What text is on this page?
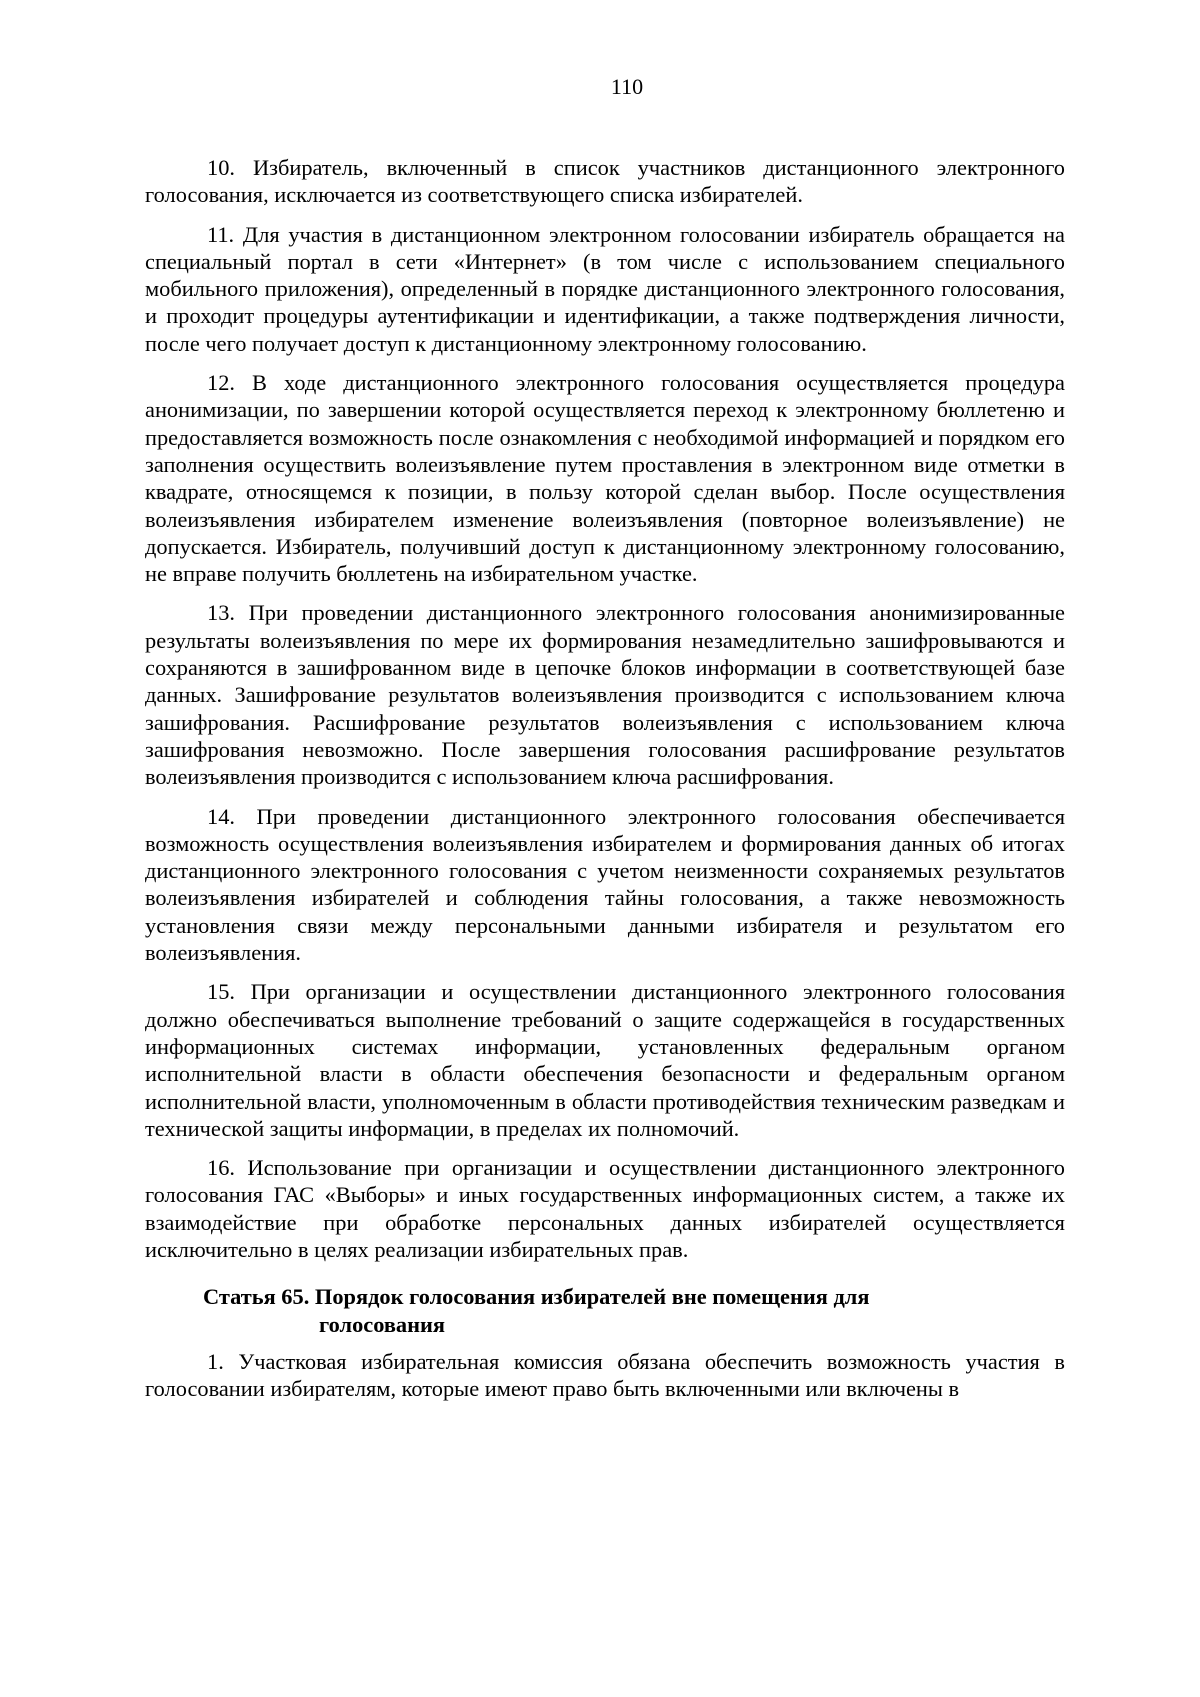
110

10. Избиратель, включенный в список участников дистанционного электронного голосования, исключается из соответствующего списка избирателей.

11. Для участия в дистанционном электронном голосовании избиратель обращается на специальный портал в сети «Интернет» (в том числе с использованием специального мобильного приложения), определенный в порядке дистанционного электронного голосования, и проходит процедуры аутентификации и идентификации, а также подтверждения личности, после чего получает доступ к дистанционному электронному голосованию.

12. В ходе дистанционного электронного голосования осуществляется процедура анонимизации, по завершении которой осуществляется переход к электронному бюллетеню и предоставляется возможность после ознакомления с необходимой информацией и порядком его заполнения осуществить волеизъявление путем проставления в электронном виде отметки в квадрате, относящемся к позиции, в пользу которой сделан выбор. После осуществления волеизъявления избирателем изменение волеизъявления (повторное волеизъявление) не допускается. Избиратель, получивший доступ к дистанционному электронному голосованию, не вправе получить бюллетень на избирательном участке.

13. При проведении дистанционного электронного голосования анонимизированные результаты волеизъявления по мере их формирования незамедлительно зашифровываются и сохраняются в зашифрованном виде в цепочке блоков информации в соответствующей базе данных. Зашифрование результатов волеизъявления производится с использованием ключа зашифрования. Расшифрование результатов волеизъявления с использованием ключа зашифрования невозможно. После завершения голосования расшифрование результатов волеизъявления производится с использованием ключа расшифрования.

14. При проведении дистанционного электронного голосования обеспечивается возможность осуществления волеизъявления избирателем и формирования данных об итогах дистанционного электронного голосования с учетом неизменности сохраняемых результатов волеизъявления избирателей и соблюдения тайны голосования, а также невозможность установления связи между персональными данными избирателя и результатом его волеизъявления.

15. При организации и осуществлении дистанционного электронного голосования должно обеспечиваться выполнение требований о защите содержащейся в государственных информационных системах информации, установленных федеральным органом исполнительной власти в области обеспечения безопасности и федеральным органом исполнительной власти, уполномоченным в области противодействия техническим разведкам и технической защиты информации, в пределах их полномочий.

16. Использование при организации и осуществлении дистанционного электронного голосования ГАС «Выборы» и иных государственных информационных систем, а также их взаимодействие при обработке персональных данных избирателей осуществляется исключительно в целях реализации избирательных прав.

Статья 65. Порядок голосования избирателей вне помещения для
голосования

1. Участковая избирательная комиссия обязана обеспечить возможность участия в голосовании избирателям, которые имеют право быть включенными или включены в
